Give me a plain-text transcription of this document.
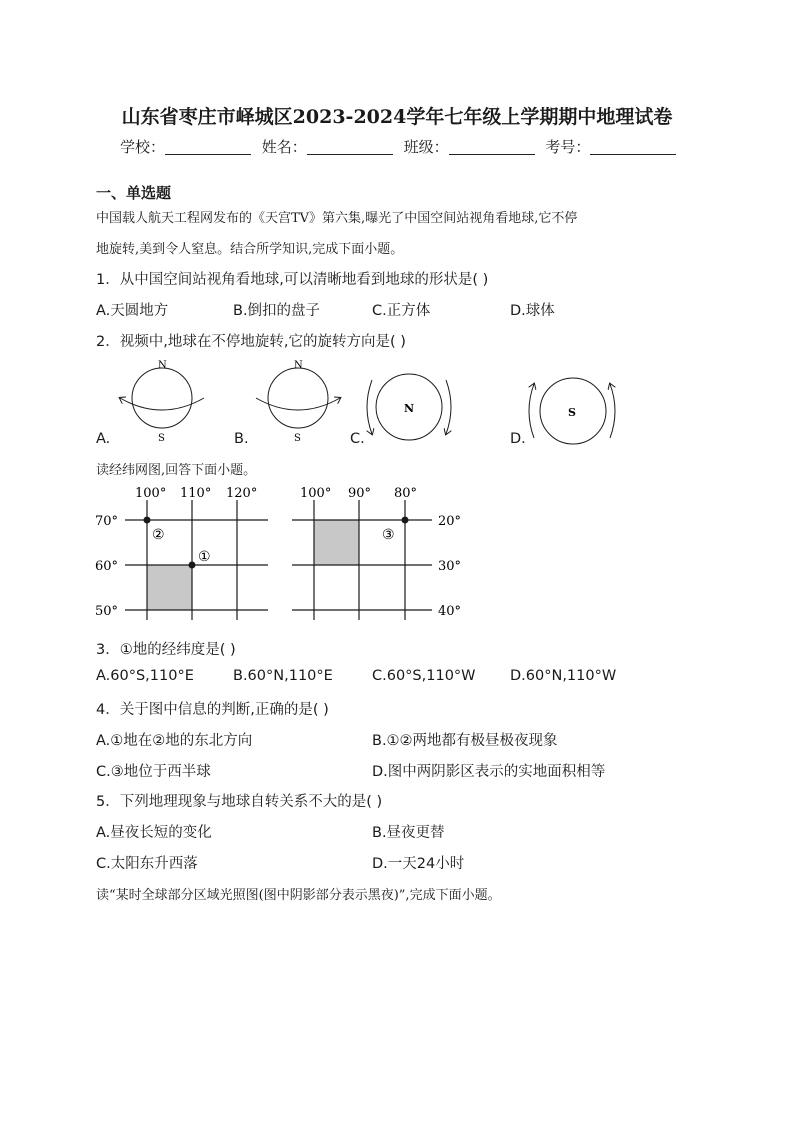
山东省枣庄市峄城区2023-2024学年七年级上学期期中地理试卷
学校：	姓名：	班级：	考号：
一、单选题
中国载人航天工程网发布的《天宫TV》第六集,曝光了中国空间站视角看地球,它不停
地旋转,美到令人窒息。结合所学知识,完成下面小题。
1．从中国空间站视角看地球,可以清晰地看到地球的形状是( )
A.天圆地方	B.倒扣的盘子	C.正方体	D.球体
2．视频中,地球在不停地旋转,它的旋转方向是( )
A.	B.	C.	D.
N
S
N
S
N	S
读经纬网图,回答下面小题。
100° 110° 120°
70°
60°
50°
②
①
100° 90° 80°
20°
30°
40°
③
3．①地的经纬度是( )
A.60°S,110°E	B.60°N,110°E	C.60°S,110°W D.60°N,110°W
4．关于图中信息的判断,正确的是( )
A.①地在②地的东北方向	B.①②两地都有极昼极夜现象
C.③地位于西半球	D.图中两阴影区表示的实地面积相等
5．下列地理现象与地球自转关系不大的是( )
A.昼夜长短的变化	B.昼夜更替
C.太阳东升西落	D.一天24小时
读“某时全球部分区域光照图(图中阴影部分表示黑夜)”,完成下面小题。
